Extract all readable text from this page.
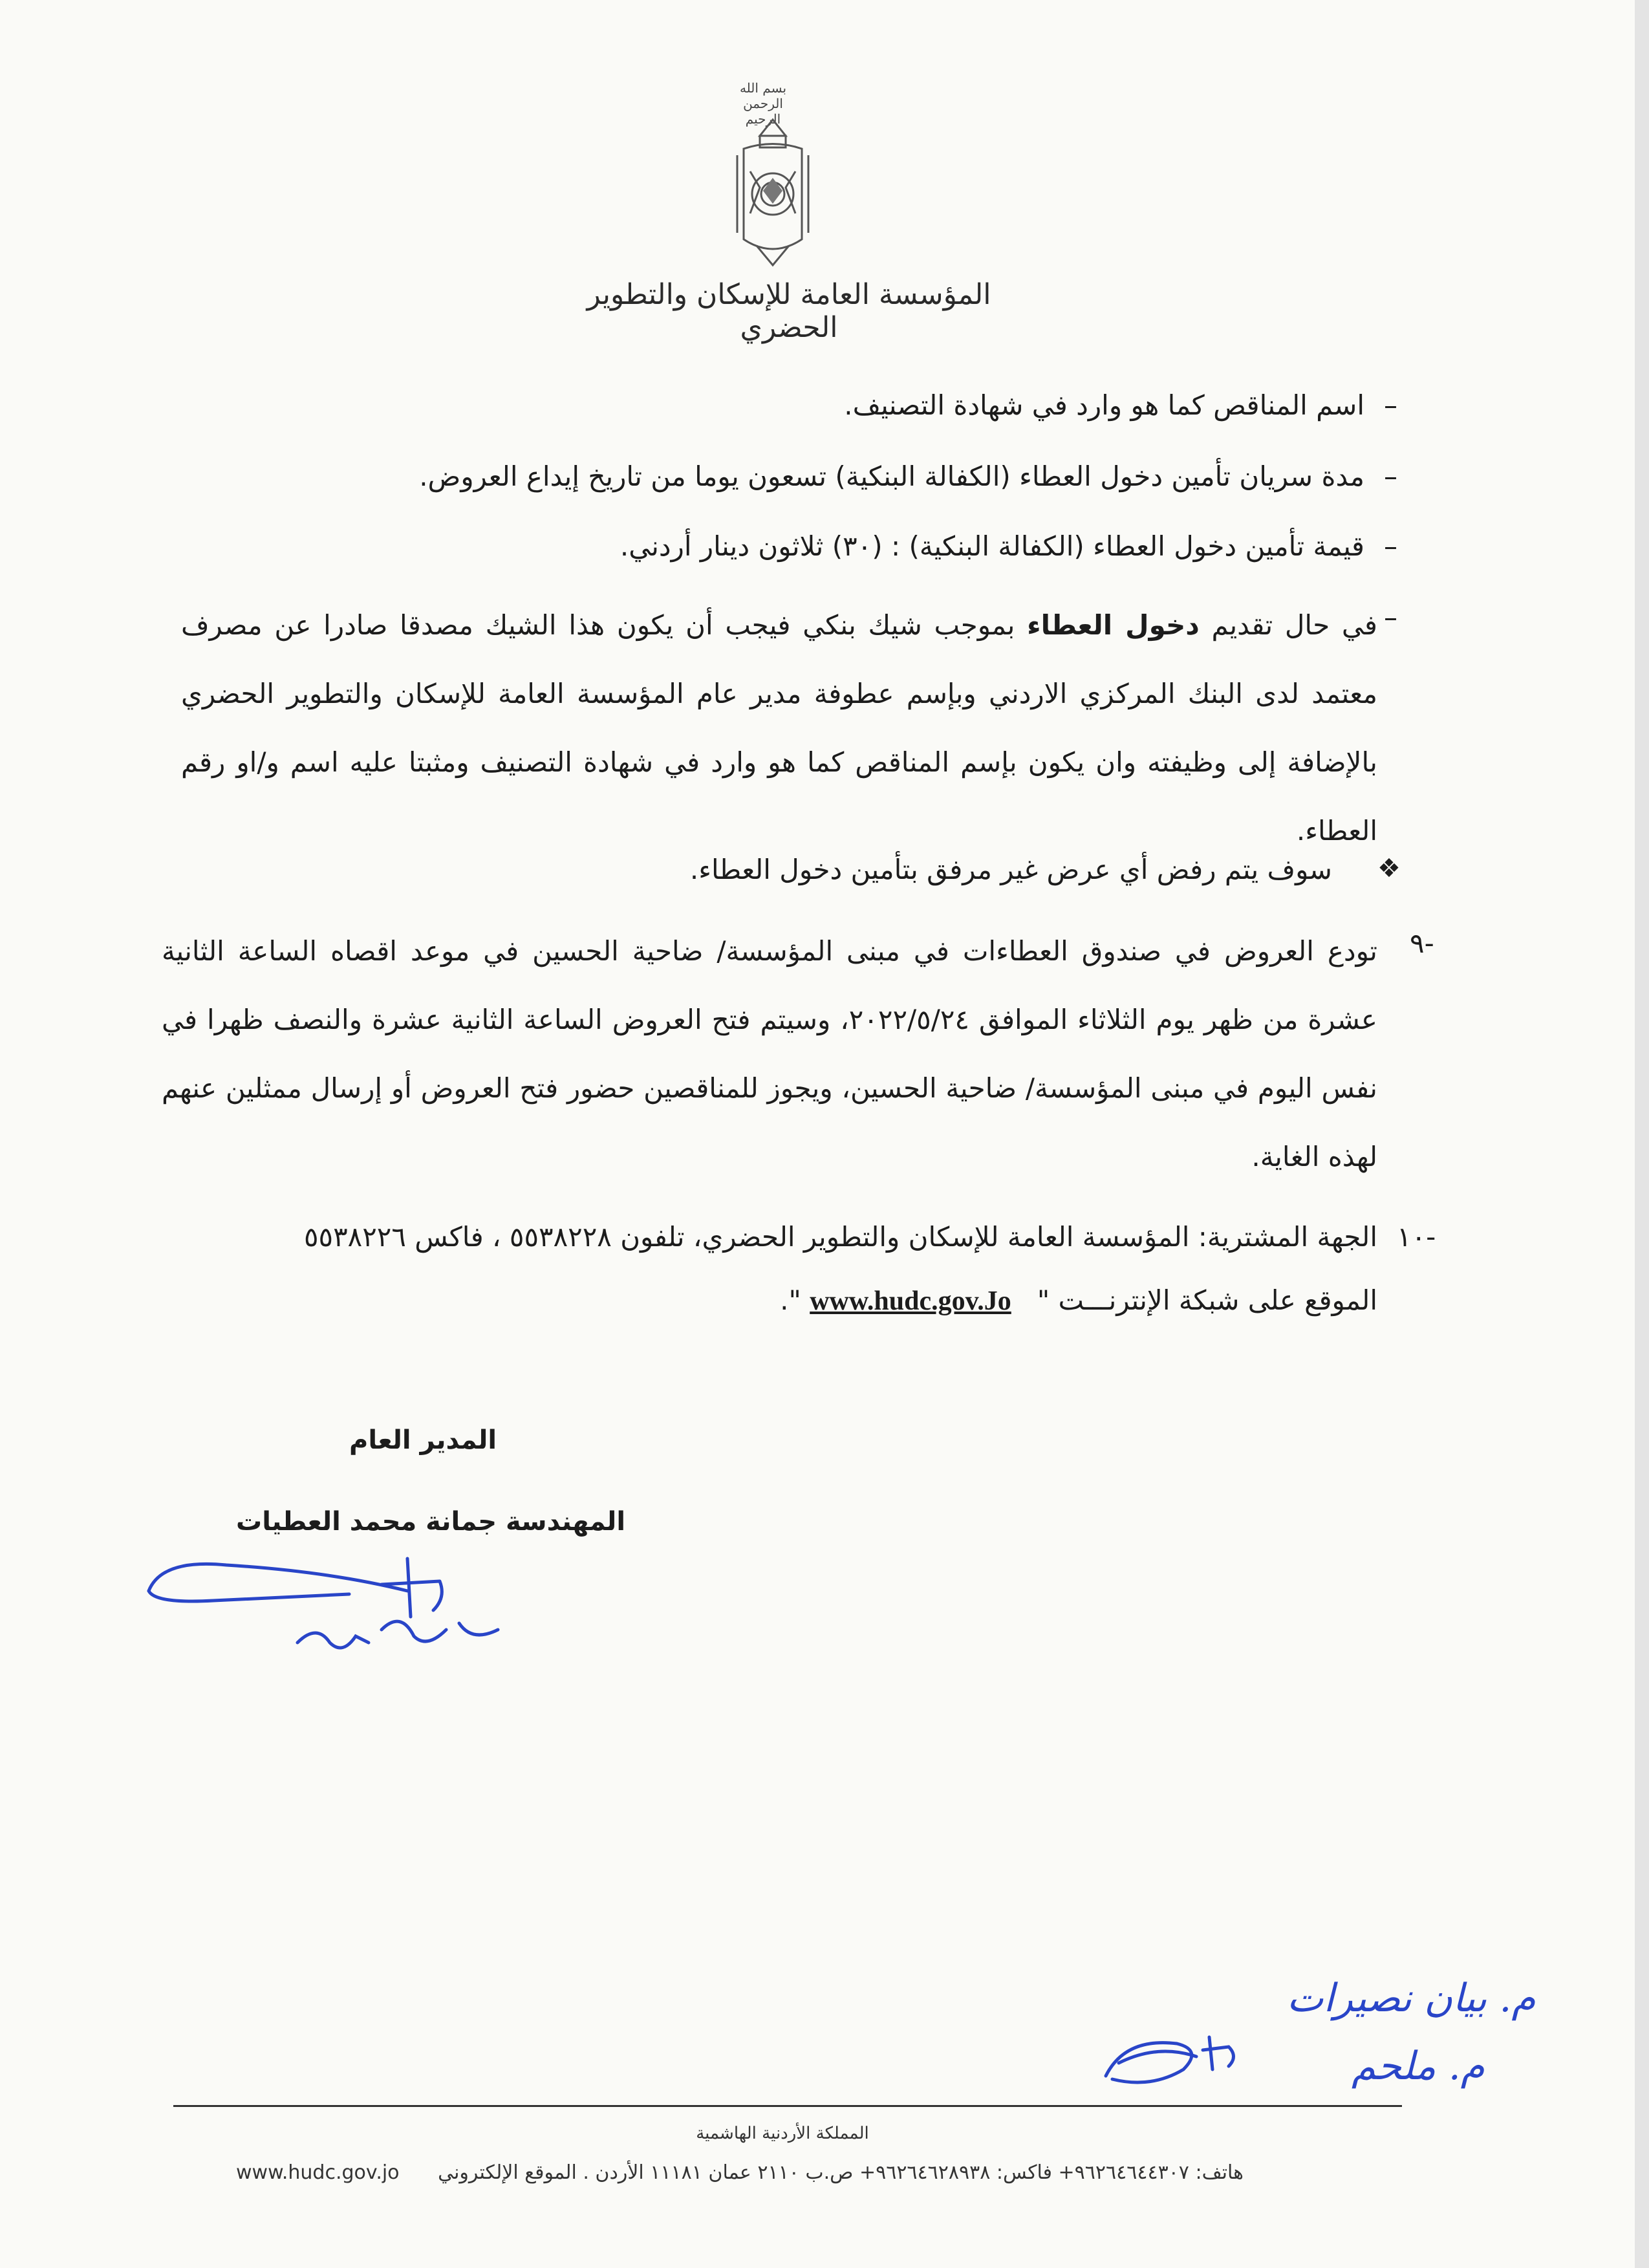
بسم الله الرحمن الرحيم
المؤسسة العامة للإسكان والتطوير الحضري
–
اسم المناقص كما هو وارد في شهادة التصنيف.
–
مدة سريان تأمين دخول العطاء (الكفالة البنكية) تسعون يوما من تاريخ إيداع العروض.
–
قيمة تأمين دخول العطاء (الكفالة البنكية) : (٣٠) ثلاثون دينار أردني.
–
في حال تقديم دخول العطاء بموجب شيك بنكي فيجب أن يكون هذا الشيك مصدقا صادرا عن مصرف معتمد لدى البنك المركزي الاردني وبإسم عطوفة مدير عام المؤسسة العامة للإسكان والتطوير الحضري بالإضافة إلى وظيفته وان يكون بإسم المناقص كما هو وارد في شهادة التصنيف ومثبتا عليه اسم و/او رقم العطاء.
❖
سوف يتم رفض أي عرض غير مرفق بتأمين دخول العطاء.
٩-
تودع العروض في صندوق العطاءات في مبنى المؤسسة/ ضاحية الحسين في موعد اقصاه الساعة الثانية عشرة من ظهر يوم الثلاثاء الموافق ٢٠٢٢/٥/٢٤، وسيتم فتح العروض الساعة الثانية عشرة والنصف ظهرا في نفس اليوم في مبنى المؤسسة/ ضاحية الحسين، ويجوز للمناقصين حضور فتح العروض أو إرسال ممثلين عنهم لهذه الغاية.
١٠-
الجهة المشترية: المؤسسة العامة للإسكان والتطوير الحضري، تلفون ٥٥٣٨٢٢٨ ، فاكس ٥٥٣٨٢٢٦
الموقع على شبكة الإنترنـــت "   www.hudc.gov.Jo ".
المدير العام
المهندسة جمانة محمد العطيات
م. بيان نصيرات
م. ملحم
المملكة الأردنية الهاشمية
هاتف: ٩٦٢٦٤٦٤٤٣٠٧+ فاكس: ٩٦٢٦٤٦٢٨٩٣٨+ ص.ب ٢١١٠ عمان ١١١٨١ الأردن . الموقع الإلكتروني
www.hudc.gov.jo
